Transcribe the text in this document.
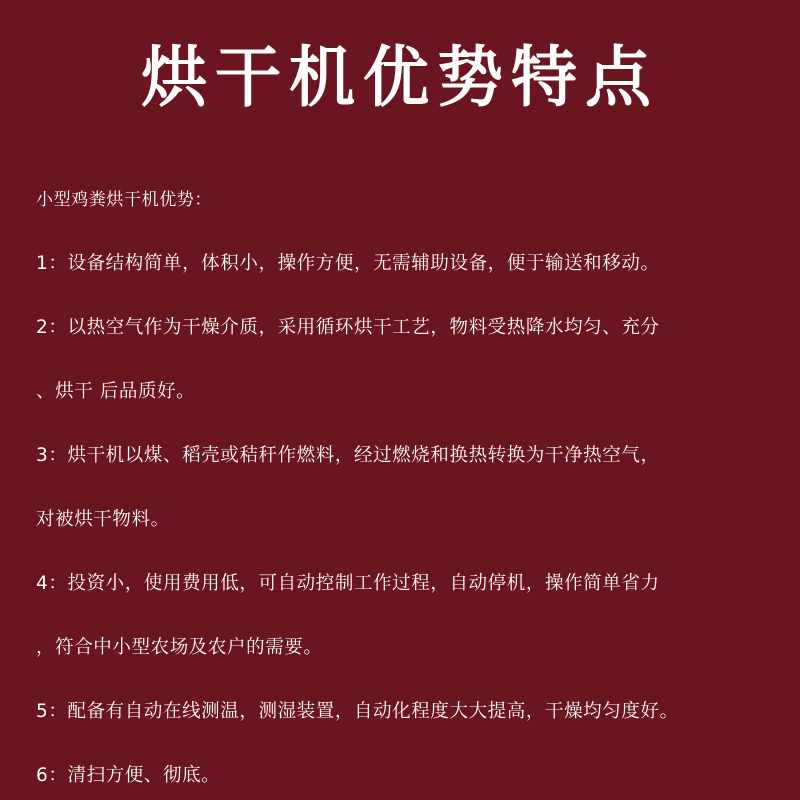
烘干机优势特点
小型鸡粪烘干机优势：
1：设备结构简单，体积小，操作方便，无需辅助设备，便于输送和移动。
2：以热空气作为干燥介质，采用循环烘干工艺，物料受热降水均匀、充分
、烘干 后品质好。
3：烘干机以煤、稻壳或秸秆作燃料，经过燃烧和换热转换为干净热空气，
对被烘干物料。
4：投资小，使用费用低，可自动控制工作过程，自动停机，操作简单省力
，符合中小型农场及农户的需要。
5：配备有自动在线测温，测湿装置，自动化程度大大提高，干燥均匀度好。
6：清扫方便、彻底。
